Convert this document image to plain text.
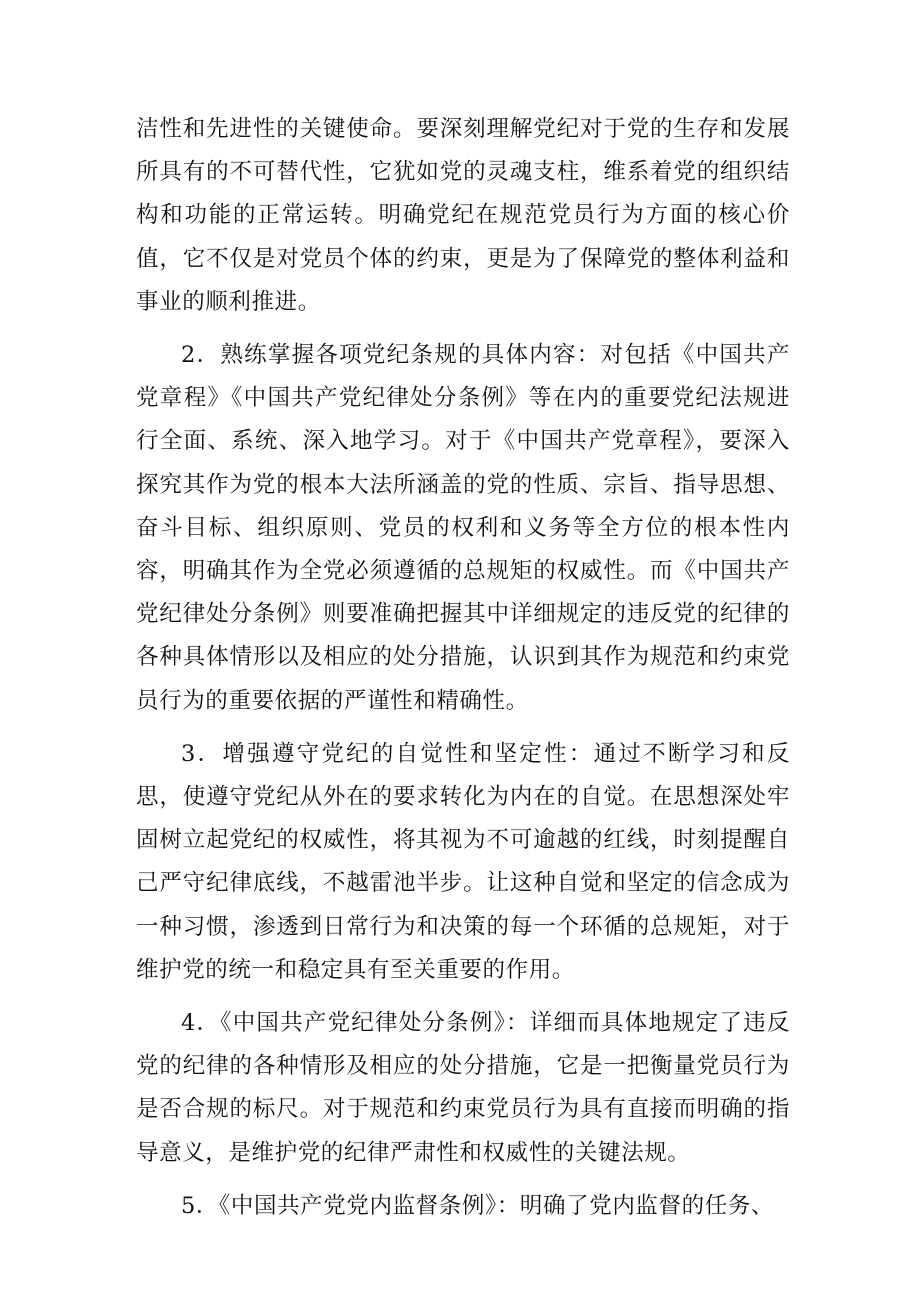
洁性和先进性的关键使命。要深刻理解党纪对于党的生存和发展所具有的不可替代性，它犹如党的灵魂支柱，维系着党的组织结构和功能的正常运转。明确党纪在规范党员行为方面的核心价值，它不仅是对党员个体的约束，更是为了保障党的整体利益和事业的顺利推进。

2．熟练掌握各项党纪条规的具体内容：对包括《中国共产党章程》《中国共产党纪律处分条例》等在内的重要党纪法规进行全面、系统、深入地学习。对于《中国共产党章程》，要深入探究其作为党的根本大法所涵盖的党的性质、宗旨、指导思想、奋斗目标、组织原则、党员的权利和义务等全方位的根本性内容，明确其作为全党必须遵循的总规矩的权威性。而《中国共产党纪律处分条例》则要准确把握其中详细规定的违反党的纪律的各种具体情形以及相应的处分措施，认识到其作为规范和约束党员行为的重要依据的严谨性和精确性。

3．增强遵守党纪的自觉性和坚定性：通过不断学习和反思，使遵守党纪从外在的要求转化为内在的自觉。在思想深处牢固树立起党纪的权威性，将其视为不可逾越的红线，时刻提醒自己严守纪律底线，不越雷池半步。让这种自觉和坚定的信念成为一种习惯，渗透到日常行为和决策的每一个环循的总规矩，对于维护党的统一和稳定具有至关重要的作用。

4．《中国共产党纪律处分条例》：详细而具体地规定了违反党的纪律的各种情形及相应的处分措施，它是一把衡量党员行为是否合规的标尺。对于规范和约束党员行为具有直接而明确的指导意义，是维护党的纪律严肃性和权威性的关键法规。

5．《中国共产党党内监督条例》：明确了党内监督的任务、
